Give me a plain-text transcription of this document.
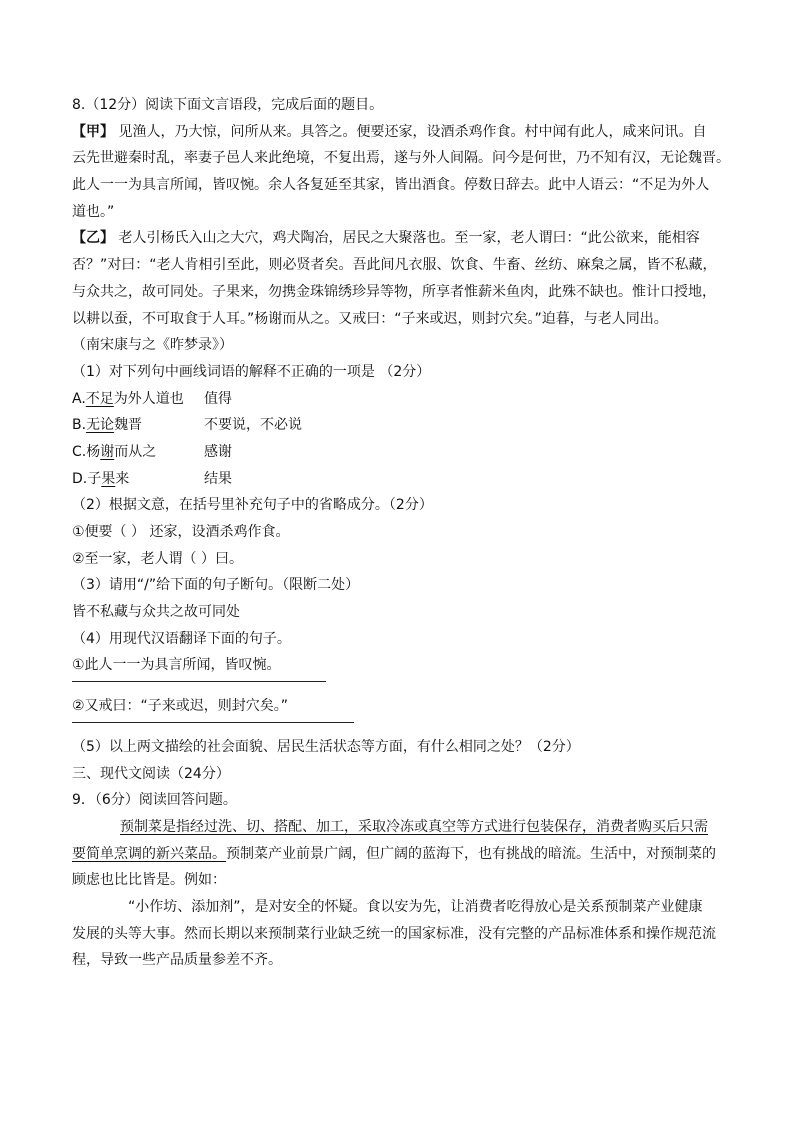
8.（12分）阅读下面文言语段，完成后面的题目。
【甲】 见渔人，乃大惊，问所从来。具答之。便要还家，设酒杀鸡作食。村中闻有此人，咸来问讯。自
云先世避秦时乱，率妻子邑人来此绝境，不复出焉，遂与外人间隔。问今是何世，乃不知有汉，无论魏晋。
此人一一为具言所闻，皆叹惋。余人各复延至其家，皆出酒食。停数日辞去。此中人语云：“不足为外人
道也。”
【乙】 老人引杨氏入山之大穴，鸡犬陶冶，居民之大聚落也。至一家，老人谓曰：“此公欲来，能相容
否？”对曰：“老人肯相引至此，则必贤者矣。吾此间凡衣服、饮食、牛畜、丝纺、麻枲之属，皆不私藏，
与众共之，故可同处。子果来，勿携金珠锦绣珍异等物，所享者惟薪米鱼肉，此殊不缺也。惟计口授地，
以耕以蚕，不可取食于人耳。”杨谢而从之。又戒曰：“子来或迟，则封穴矣。”迫暮，与老人同出。
（南宋康与之《昨梦录》）
（1）对下列句中画线词语的解释不正确的一项是 （2分）
A.不足为外人道也 值得
B.无论魏晋	不要说，不必说
C.杨谢而从之	感谢
D.子果来	结果
（2）根据文意，在括号里补充句子中的省略成分。（2分）
①便要（ ） 还家，设酒杀鸡作食。
②至一家，老人谓（ ）曰。
（3）请用“/”给下面的句子断句。（限断二处）
皆不私藏与众共之故可同处
（4）用现代汉语翻译下面的句子。
①此人一一为具言所闻，皆叹惋。
②又戒曰：“子来或迟，则封穴矣。”
（5）以上两文描绘的社会面貌、居民生活状态等方面，有什么相同之处？（2分）
三、现代文阅读（24分）
9．（6分）阅读回答问题。
预制菜是指经过洗、切、搭配、加工，采取冷冻或真空等方式进行包装保存，消费者购买后只需
要简单烹调的新兴菜品。预制菜产业前景广阔，但广阔的蓝海下，也有挑战的暗流。生活中，对预制菜的
顾虑也比比皆是。例如：
“小作坊、添加剂”，是对安全的怀疑。食以安为先，让消费者吃得放心是关系预制菜产业健康
发展的头等大事。然而长期以来预制菜行业缺乏统一的国家标准，没有完整的产品标准体系和操作规范流
程，导致一些产品质量参差不齐。
